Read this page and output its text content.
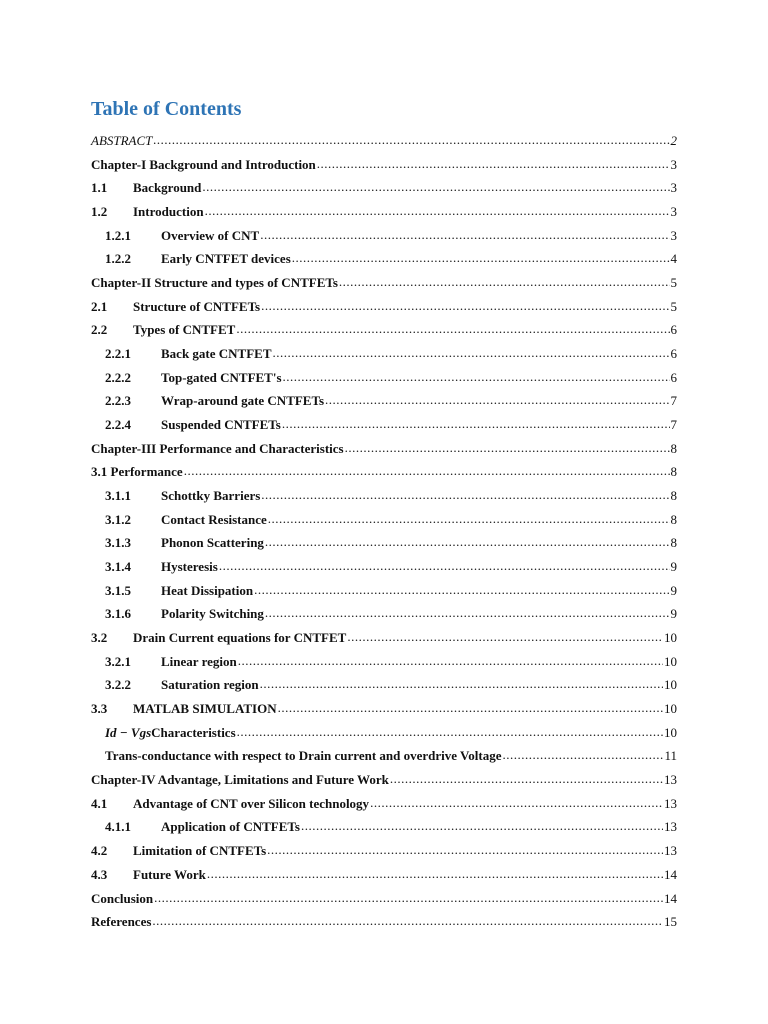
Table of Contents
ABSTRACT .....	2
Chapter-I Background and Introduction .....	3
1.1	Background .....	3
1.2	Introduction .....	3
1.2.1	Overview of CNT .....	3
1.2.2	Early CNTFET devices .....	4
Chapter-II Structure and types of CNTFETs .....	5
2.1	Structure of CNTFETs .....	5
2.2	Types of CNTFET .....	6
2.2.1	Back gate CNTFET .....	6
2.2.2	Top-gated CNTFET's .....	6
2.2.3	Wrap-around gate CNTFETs .....	7
2.2.4	Suspended CNTFETs .....	7
Chapter-III Performance and Characteristics .....	8
3.1 Performance .....	8
3.1.1	Schottky Barriers .....	8
3.1.2	Contact Resistance .....	8
3.1.3	Phonon Scattering .....	8
3.1.4	Hysteresis .....	9
3.1.5	Heat Dissipation .....	9
3.1.6	Polarity Switching .....	9
3.2	Drain Current equations for CNTFET .....	10
3.2.1	Linear region .....	10
3.2.2	Saturation region .....	10
3.3	MATLAB SIMULATION .....	10
Id − Vgs Characteristics .....	10
Trans-conductance with respect to Drain current and overdrive Voltage .....	11
Chapter-IV Advantage, Limitations and Future Work .....	13
4.1	Advantage of CNT over Silicon technology .....	13
4.1.1	Application of CNTFETs .....	13
4.2	Limitation of CNTFETs .....	13
4.3	Future Work .....	14
Conclusion .....	14
References .....	15
